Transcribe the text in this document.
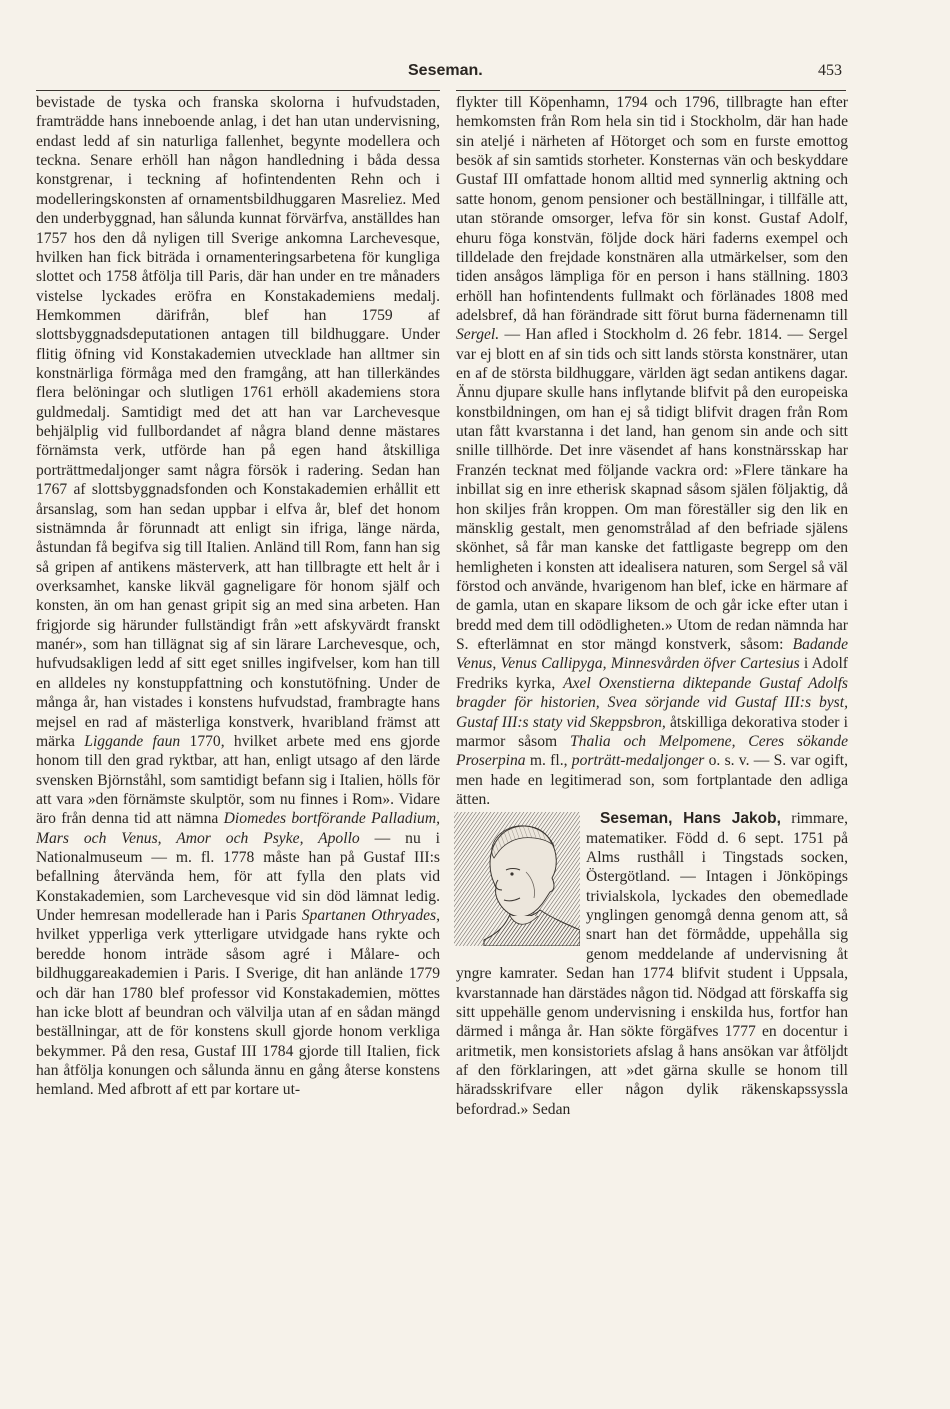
Seseman.	453

bevistade de tyska och franska skolorna i hufvudstaden, framträdde hans inneboende anlag, i det han utan undervisning, endast ledd af sin naturliga fallenhet, begynte modellera och teckna. Senare erhöll han någon handledning i båda dessa konstgrenar, i teckning af hofintendenten Rehn och i modelleringskonsten af ornamentsbildhuggaren Masreliez. Med den underbyggnad, han sålunda kunnat förvärfva, anställdes han 1757 hos den då nyligen till Sverige ankomna Larchevesque, hvilken han fick biträda i ornamenteringsarbetena för kungliga slottet och 1758 åtfölja till Paris, där han under en tre månaders vistelse lyckades eröfra en Konstakademiens medalj. Hemkommen därifrån, blef han 1759 af slottsbyggnadsdeputationen antagen till bildhuggare. Under flitig öfning vid Konstakademien utvecklade han alltmer sin konstnärliga förmåga med den framgång, att han tillerkändes flera belöningar och slutligen 1761 erhöll akademiens stora guldmedalj. Samtidigt med det att han var Larchevesque behjälplig vid fullbordandet af några bland denne mästares förnämsta verk, utförde han på egen hand åtskilliga porträttmedaljonger samt några försök i radering. Sedan han 1767 af slottsbyggnadsfonden och Konstakademien erhållit ett årsanslag, som han sedan uppbar i elfva år, blef det honom sistnämnda år förunnadt att enligt sin ifriga, länge närda, åstundan få begifva sig till Italien. Anländ till Rom, fann han sig så gripen af antikens mästerverk, att han tillbragte ett helt år i overksamhet, kanske likväl gagneligare för honom själf och konsten, än om han genast gripit sig an med sina arbeten. Han frigjorde sig härunder fullständigt från »ett afskyvärdt franskt manér», som han tillägnat sig af sin lärare Larchevesque, och, hufvudsakligen ledd af sitt eget snilles ingifvelser, kom han till en alldeles ny konstuppfattning och konstutöfning. Under de många år, han vistades i konstens hufvudstad, frambragte hans mejsel en rad af mästerliga konstverk, hvaribland främst att märka Liggande faun 1770, hvilket arbete med ens gjorde honom till den grad ryktbar, att han, enligt utsago af den lärde svensken Björnståhl, som samtidigt befann sig i Italien, hölls för att vara »den förnämste skulptör, som nu finnes i Rom». Vidare äro från denna tid att nämna Diomedes bortförande Palladium, Mars och Venus, Amor och Psyke, Apollo — nu i Nationalmuseum — m. fl. 1778 måste han på Gustaf III:s befallning återvända hem, för att fylla den plats vid Konstakademien, som Larchevesque vid sin död lämnat ledig. Under hemresan modellerade han i Paris Spartanen Othryades, hvilket ypperliga verk ytterligare utvidgade hans rykte och beredde honom inträde såsom agré i Målare- och bildhuggareakademien i Paris. I Sverige, dit han anlände 1779 och där han 1780 blef professor vid Konstakademien, möttes han icke blott af beundran och välvilja utan af en sådan mängd beställningar, att de för konstens skull gjorde honom verkliga bekymmer. På den resa, Gustaf III 1784 gjorde till Italien, fick han åtfölja konungen och sålunda ännu en gång återse konstens hemland. Med afbrott af ett par kortare ut-

flykter till Köpenhamn, 1794 och 1796, tillbragte han efter hemkomsten från Rom hela sin tid i Stockholm, där han hade sin ateljé i närheten af Hötorget och som en furste emottog besök af sin samtids storheter. Konsternas vän och beskyddare Gustaf III omfattade honom alltid med synnerlig aktning och satte honom, genom pensioner och beställningar, i tillfälle att, utan störande omsorger, lefva för sin konst. Gustaf Adolf, ehuru föga konstvän, följde dock häri faderns exempel och tilldelade den frejdade konstnären alla utmärkelser, som den tiden ansågos lämpliga för en person i hans ställning. 1803 erhöll han hofintendents fullmakt och förlänades 1808 med adelsbref, då han förändrade sitt förut burna fädernenamn till Sergel. — Han afled i Stockholm d. 26 febr. 1814. — Sergel var ej blott en af sin tids och sitt lands största konstnärer, utan en af de största bildhuggare, världen ägt sedan antikens dagar. Ännu djupare skulle hans inflytande blifvit på den europeiska konstbildningen, om han ej så tidigt blifvit dragen från Rom utan fått kvarstanna i det land, han genom sin ande och sitt snille tillhörde. Det inre väsendet af hans konstnärsskap har Franzén tecknat med följande vackra ord: »Flere tänkare ha inbillat sig en inre etherisk skapnad såsom själen följaktig, då hon skiljes från kroppen. Om man föreställer sig den lik en mänsklig gestalt, men genomstrålad af den befriade själens skönhet, så får man kanske det fattligaste begrepp om den hemligheten i konsten att idealisera naturen, som Sergel så väl förstod och använde, hvarigenom han blef, icke en härmare af de gamla, utan en skapare liksom de och går icke efter utan i bredd med dem till odödligheten.» Utom de redan nämnda har S. efterlämnat en stor mängd konstverk, såsom: Badande Venus, Venus Callipyga, Minnesvården öfver Cartesius i Adolf Fredriks kyrka, Axel Oxenstierna diktерande Gustaf Adolfs bragder för historien, Svea sörjande vid Gustaf III:s byst, Gustaf III:s staty vid Skeppsbron, åtskilliga dekorativa stoder i marmor såsom Thalia och Melpomene, Ceres sökande Proserpina m. fl., porträtt-medaljonger o. s. v. — S. var ogift, men hade en legitimerad son, som fortplantade den adliga ätten.

Seseman, Hans Jakob, rimmare, matematiker. Född d. 6 sept. 1751 på Alms rusthåll i Tingstads socken, Östergötland. — Intagen i Jönköpings trivialskola, lyckades den obemedlade ynglingen genomgå denna genom att, så snart han det förmådde, uppehålla sig genom meddelande af undervisning åt yngre kamrater. Sedan han 1774 blifvit student i Uppsala, kvarstannade han därstädes någon tid. Nödgad att förskaffa sig sitt uppehälle genom undervisning i enskilda hus, fortfor han därmed i många år. Han sökte förgäfves 1777 en docentur i aritmetik, men konsistoriets afslag å hans ansökan var åtföljdt af den förklaringen, att »det gärna skulle se honom till häradsskrifvare eller någon dylik räkenskapssyssla befordrad.» Sedan
